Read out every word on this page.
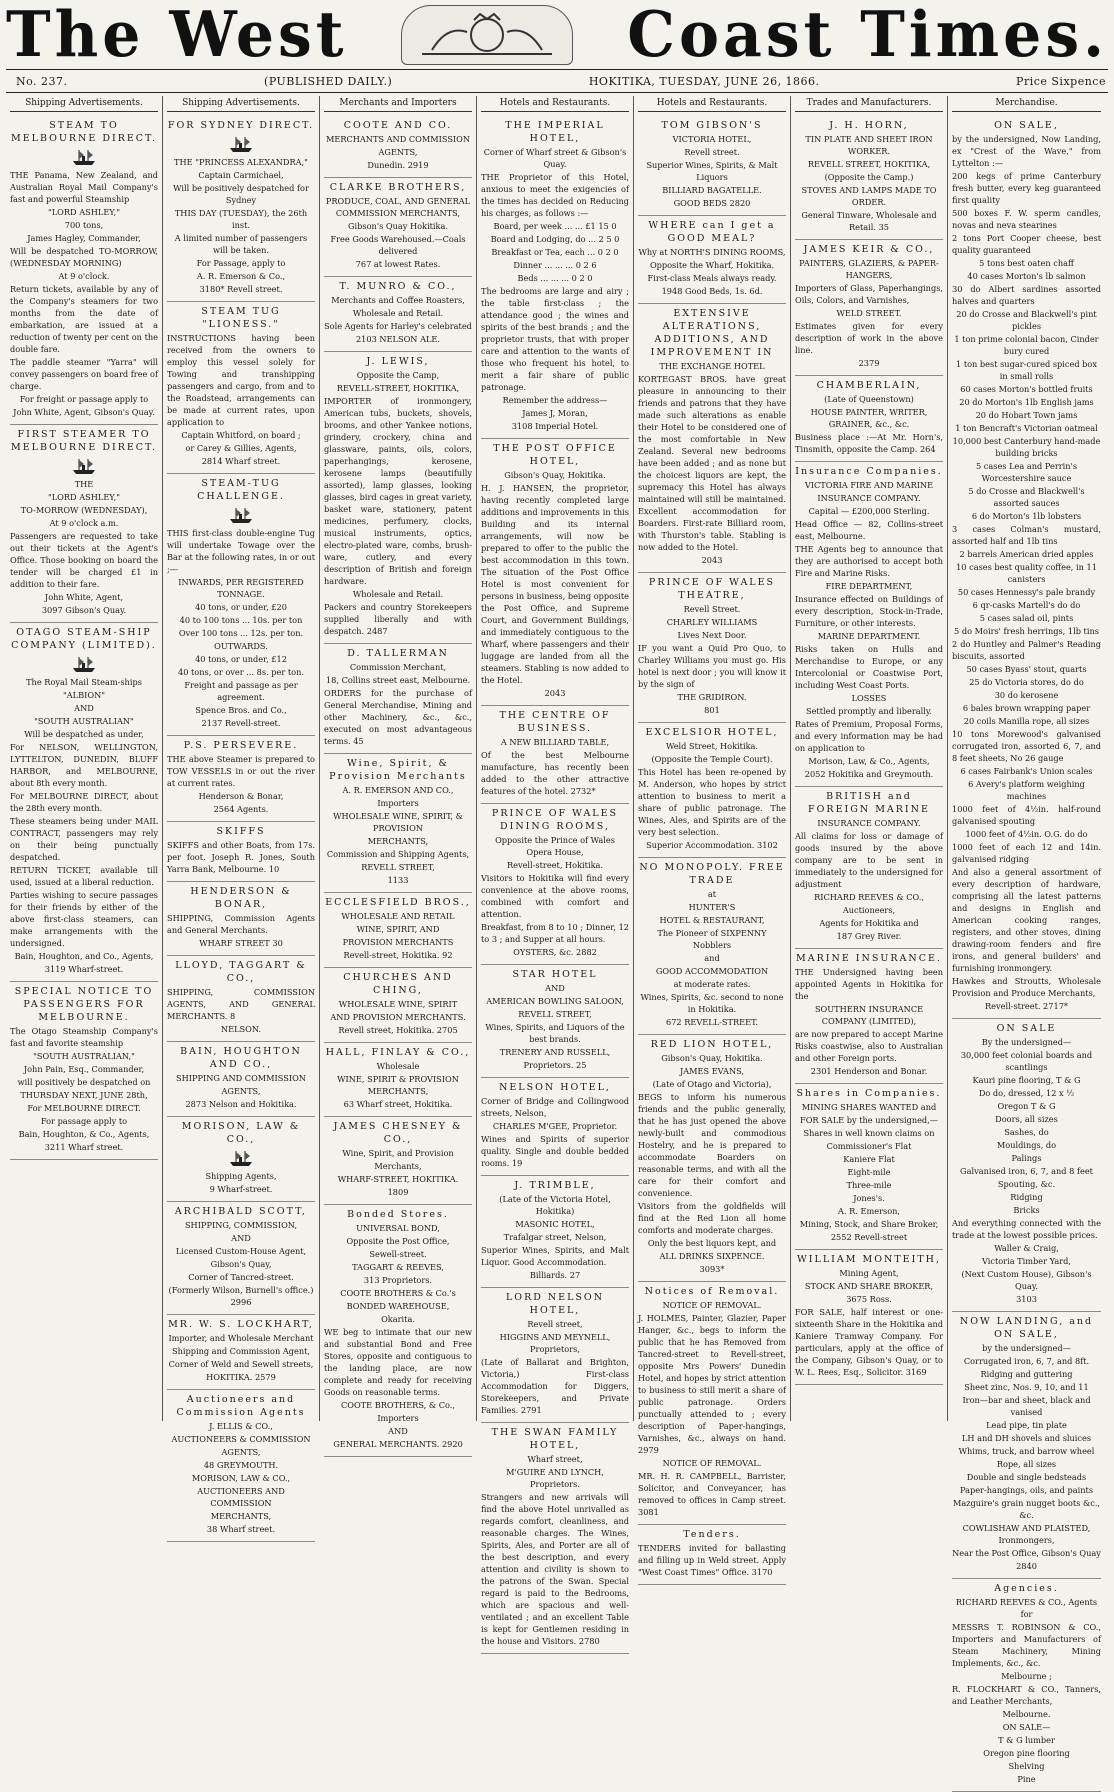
The West	Coast Times.
No. 237.	(PUBLISHED DAILY.)	HOKITIKA, TUESDAY, JUNE 26, 1866.	Price Sixpence
Shipping Advertisements.
STEAM TO MELBOURNE DIRECT.
THE Panama, New Zealand, and Australian Royal Mail Company's fast and powerful Steamship
"LORD ASHLEY,"
700 tons,
James Hagley, Commander,
Will be despatched TO-MORROW, (WEDNESDAY MORNING)
At 9 o'clock.
Return tickets, available by any of the Company's steamers for two months from the date of embarkation, are issued at a reduction of twenty per cent on the double fare.
The paddle steamer "Yarra" will convey passengers on board free of charge.
For freight or passage apply to
John White, Agent, Gibson's Quay.
FIRST STEAMER TO MELBOURNE DIRECT.
THE
"LORD ASHLEY,"
TO-MORROW (WEDNESDAY),
At 9 o'clock a.m.
Passengers are requested to take out their tickets at the Agent's Office. Those booking on board the tender will be charged £1 in addition to their fare.
John White, Agent,
3097 Gibson's Quay.
OTAGO STEAM-SHIP COMPANY (LIMITED).
The Royal Mail Steam-ships
"ALBION"
AND
"SOUTH AUSTRALIAN"
Will be despatched as under,
For NELSON, WELLINGTON, LYTTELTON, DUNEDIN, BLUFF HARBOR, and MELBOURNE, about 8th every month.
For MELBOURNE DIRECT, about the 28th every month.
These steamers being under MAIL CONTRACT, passengers may rely on their being punctually despatched.
RETURN TICKET, available till used, issued at a liberal reduction.
Parties wishing to secure passages for their friends by either of the above first-class steamers, can make arrangements with the undersigned.
Bain, Houghton, and Co., Agents,
3119 Wharf-street.
SPECIAL NOTICE TO PASSENGERS FOR MELBOURNE.
The Otago Steamship Company's fast and favorite steamship
"SOUTH AUSTRALIAN,"
John Pain, Esq., Commander,
will positively be despatched on
THURSDAY NEXT, JUNE 28th,
For MELBOURNE DIRECT.
For passage apply to
Bain, Houghton, & Co., Agents,
3211 Wharf street.
Shipping Advertisements.
FOR SYDNEY DIRECT.
THE "PRINCESS ALEXANDRA,"
Captain Carmichael,
Will be positively despatched for Sydney
THIS DAY (TUESDAY), the 26th inst.
A limited number of passengers will be taken.
For Passage, apply to
A. R. Emerson & Co.,
3180* Revell street.
STEAM TUG "LIONESS."
INSTRUCTIONS having been received from the owners to employ this vessel solely for Towing and transhipping passengers and cargo, from and to the Roadstead, arrangements can be made at current rates, upon application to
Captain Whitford, on board ;
or Carey & Gillies, Agents,
2814 Wharf street.
STEAM-TUG CHALLENGE.
THIS first-class double-engine Tug will undertake Towage over the Bar at the following rates, in or out ;—
INWARDS, PER REGISTERED TONNAGE.
40 tons, or under, £20
40 to 100 tons ... 10s. per ton
Over 100 tons ... 12s. per ton.
OUTWARDS.
40 tons, or under, £12
40 tons, or over ... 8s. per ton.
Freight and passage as per agreement.
Spence Bros. and Co.,
2137 Revell-street.
P.S. PERSEVERE.
THE above Steamer is prepared to TOW VESSELS in or out the river at current rates.
Henderson & Bonar,
2564 Agents.
SKIFFS
SKIFFS and other Boats, from 17s. per foot. Joseph R. Jones, South Yarra Bank, Melbourne. 10
HENDERSON & BONAR,
SHIPPING, Commission Agents and General Merchants.
WHARF STREET 30
LLOYD, TAGGART & CO.,
SHIPPING, COMMISSION AGENTS, AND GENERAL MERCHANTS. 8
NELSON.
BAIN, HOUGHTON AND CO.,
SHIPPING AND COMMISSION
AGENTS,
2873 Nelson and Hokitika.
MORISON, LAW & CO.,
Shipping Agents,
9 Wharf-street.
ARCHIBALD SCOTT,
SHIPPING, COMMISSION,
AND
Licensed Custom-House Agent,
Gibson's Quay,
Corner of Tancred-street.
(Formerly Wilson, Burnell's office.) 2996
MR. W. S. LOCKHART,
Importer, and Wholesale Merchant
Shipping and Commission Agent,
Corner of Weld and Sewell streets,
HOKITIKA. 2579
Auctioneers and Commission Agents
J. ELLIS & CO.,
AUCTIONEERS & COMMISSION
AGENTS,
48 GREYMOUTH.
MORISON, LAW & CO.,
AUCTIONEERS AND COMMISSION
MERCHANTS,
38 Wharf street.
Merchants and Importers
COOTE AND CO.
MERCHANTS AND COMMISSION
AGENTS,
Dunedin. 2919
CLARKE BROTHERS,
PRODUCE, COAL, AND GENERAL COMMISSION MERCHANTS,
Gibson's Quay Hokitika.
Free Goods Warehoused.—Coals delivered
767 at lowest Rates.
T. MUNRO & CO.,
Merchants and Coffee Roasters,
Wholesale and Retail.
Sole Agents for Harley's celebrated
2103 NELSON ALE.
J. LEWIS,
Opposite the Camp,
REVELL-STREET, HOKITIKA,
IMPORTER of ironmongery, American tubs, buckets, shovels, brooms, and other Yankee notions, grindery, crockery, china and glassware, paints, oils, colors, paperhangings, kerosene, kerosene lamps (beautifully assorted), lamp glasses, looking glasses, bird cages in great variety, basket ware, stationery, patent medicines, perfumery, clocks, musical instruments, optics, electro-plated ware, combs, brush-ware, cutlery, and every description of British and foreign hardware.
Wholesale and Retail.
Packers and country Storekeepers supplied liberally and with despatch. 2487
D. TALLERMAN
Commission Merchant,
18, Collins street east, Melbourne.
ORDERS for the purchase of General Merchandise, Mining and other Machinery, &c., &c., executed on most advantageous terms. 45
Wine, Spirit, & Provision Merchants
A. R. EMERSON AND CO.,
Importers
WHOLESALE WINE, SPIRIT, & PROVISION
MERCHANTS,
Commission and Shipping Agents,
REVELL STREET,
1133
ECCLESFIELD BROS.,
WHOLESALE AND RETAIL
WINE, SPIRIT, AND
PROVISION MERCHANTS
Revell-street, Hokitika. 92
CHURCHES AND CHING,
WHOLESALE WINE, SPIRIT
AND PROVISION MERCHANTS.
Revell street, Hokitika. 2705
HALL, FINLAY & CO.,
Wholesale
WINE, SPIRIT & PROVISION MERCHANTS,
63 Wharf street, Hokitika.
JAMES CHESNEY & CO.,
Wine, Spirit, and Provision
Merchants,
WHARF-STREET, HOKITIKA.
1809
Bonded Stores.
UNIVERSAL BOND,
Opposite the Post Office,
Sewell-street.
TAGGART & REEVES,
313 Proprietors.
COOTE BROTHERS & Co.'s
BONDED WAREHOUSE,
Okarita.
WE beg to intimate that our new and substantial Bond and Free Stores, opposite and contiguous to the landing place, are now complete and ready for receiving Goods on reasonable terms.
COOTE BROTHERS, & Co.,
Importers
AND
GENERAL MERCHANTS. 2920
Hotels and Restaurants.
THE IMPERIAL HOTEL,
Corner of Wharf street & Gibson's Quay.
THE Proprietor of this Hotel, anxious to meet the exigencies of the times has decided on Reducing his charges, as follows :—
Board, per week ... ... £1 15 0
Board and Lodging, do ... 2 5 0
Breakfast or Tea, each ... 0 2 0
Dinner ... ... ... 0 2 6
Beds ... ... ... 0 2 0
The bedrooms are large and airy ; the table first-class ; the attendance good ; the wines and spirits of the best brands ; and the proprietor trusts, that with proper care and attention to the wants of those who frequent his hotel, to merit a fair share of public patronage.
Remember the address—
James J, Moran,
3108 Imperial Hotel.
THE POST OFFICE HOTEL,
Gibson's Quay, Hokitika.
H. J. HANSEN, the proprietor, having recently completed large additions and improvements in this Building and its internal arrangements, will now be prepared to offer to the public the best accommodation in this town. The situation of the Post Office Hotel is most convenient for persons in business, being opposite the Post Office, and Supreme Court, and Government Buildings, and immediately contiguous to the Wharf, where passengers and their luggage are landed from all the steamers. Stabling is now added to the Hotel.
2043
THE CENTRE OF BUSINESS.
A NEW BILLIARD TABLE,
Of the best Melbourne manufacture, has recently been added to the other attractive features of the hotel. 2732*
PRINCE OF WALES DINING ROOMS,
Opposite the Prince of Wales Opera House,
Revell-street, Hokitika.
Visitors to Hokitika will find every convenience at the above rooms, combined with comfort and attention.
Breakfast, from 8 to 10 ; Dinner, 12 to 3 ; and Supper at all hours.
OYSTERS, &c. 2882
STAR HOTEL
AND
AMERICAN BOWLING SALOON,
REVELL STREET,
Wines, Spirits, and Liquors of the best brands.
TRENERY AND RUSSELL,
Proprietors. 25
NELSON HOTEL,
Corner of Bridge and Collingwood streets, Nelson,
CHARLES M'GEE, Proprietor.
Wines and Spirits of superior quality. Single and double bedded rooms. 19
J. TRIMBLE,
(Late of the Victoria Hotel, Hokitika)
MASONIC HOTEL,
Trafalgar street, Nelson,
Superior Wines, Spirits, and Malt Liquor. Good Accommodation.
Billiards. 27
LORD NELSON HOTEL,
Revell street,
HIGGINS AND MEYNELL, Proprietors,
(Late of Ballarat and Brighton, Victoria,) First-class Accommodation for Diggers, Storekeepers, and Private Families. 2791
THE SWAN FAMILY HOTEL,
Wharf street,
M'GUIRE AND LYNCH, Proprietors.
Strangers and new arrivals will find the above Hotel unrivalled as regards comfort, cleanliness, and reasonable charges. The Wines, Spirits, Ales, and Porter are all of the best description, and every attention and civility is shown to the patrons of the Swan. Special regard is paid to the Bedrooms, which are spacious and well-ventilated ; and an excellent Table is kept for Gentlemen residing in the house and Visitors. 2780
Hotels and Restaurants.
TOM GIBSON'S
VICTORIA HOTEL,
Revell street.
Superior Wines, Spirits, & Malt Liquors
BILLIARD BAGATELLE.
GOOD BEDS 2820
WHERE can I get a GOOD MEAL?
Why at NORTH'S DINING ROOMS,
Opposite the Wharf, Hokitika.
First-class Meals always ready.
1948 Good Beds, 1s. 6d.
EXTENSIVE ALTERATIONS, ADDITIONS, AND IMPROVEMENT IN
THE EXCHANGE HOTEL
KORTEGAST BROS. have great pleasure in announcing to their friends and patrons that they have made such alterations as enable their Hotel to be considered one of the most comfortable in New Zealand. Several new bedrooms have been added ; and as none but the choicest liquors are kept, the supremacy this Hotel has always maintained will still be maintained. Excellent accommodation for Boarders. First-rate Billiard room, with Thurston's table. Stabling is now added to the Hotel.
2043
PRINCE OF WALES THEATRE,
Revell Street.
CHARLEY WILLIAMS
Lives Next Door.
IF you want a Quid Pro Quo, to Charley Williams you must go. His hotel is next door ; you will know it by the sign of
THE GRIDIRON.
801
EXCELSIOR HOTEL,
Weld Street, Hokitika.
(Opposite the Temple Court).
This Hotel has been re-opened by M. Anderson, who hopes by strict attention to business to merit a share of public patronage. The Wines, Ales, and Spirits are of the very best selection.
Superior Accommodation. 3102
NO MONOPOLY. FREE TRADE
at
HUNTER'S
HOTEL & RESTAURANT,
The Pioneer of SIXPENNY Nobblers
and
GOOD ACCOMMODATION
at moderate rates.
Wines, Spirits, &c. second to none in Hokitika.
672 REVELL-STREET.
RED LION HOTEL,
Gibson's Quay, Hokitika.
JAMES EVANS,
(Late of Otago and Victoria),
BEGS to inform his numerous friends and the public generally, that he has just opened the above newly-built and commodious Hostelry, and he is prepared to accommodate Boarders on reasonable terms, and with all the care for their comfort and convenience.
Visitors from the goldfields will find at the Red Lion all home comforts and moderate charges.
Only the best liquors kept, and
ALL DRINKS SIXPENCE.
3093*
Notices of Removal.
NOTICE OF REMOVAL.
J. HOLMES, Painter, Glazier, Paper Hanger, &c., begs to inform the public that he has Removed from Tancred-street to Revell-street, opposite Mrs Powers' Dunedin Hotel, and hopes by strict attention to business to still merit a share of public patronage. Orders punctually attended to ; every description of Paper-hangings, Varnishes, &c., always on hand. 2979
NOTICE OF REMOVAL.
MR. H. R. CAMPBELL, Barrister, Solicitor, and Conveyancer, has removed to offices in Camp street. 3081
Tenders.
TENDERS invited for ballasting and filling up in Weld street. Apply "West Coast Times" Office. 3170
Trades and Manufacturers.
J. H. HORN,
TIN PLATE AND SHEET IRON WORKER.
REVELL STREET, HOKITIKA,
(Opposite the Camp.)
STOVES AND LAMPS MADE TO ORDER.
General Tinware, Wholesale and Retail. 35
JAMES KEIR & CO.,
PAINTERS, GLAZIERS, & PAPER-HANGERS,
Importers of Glass, Paperhangings, Oils, Colors, and Varnishes,
WELD STREET.
Estimates given for every description of work in the above line.
2379
CHAMBERLAIN,
(Late of Queenstown)
HOUSE PAINTER, WRITER, GRAINER, &c., &c.
Business place :—At Mr. Horn's, Tinsmith, opposite the Camp. 264
Insurance Companies.
VICTORIA FIRE AND MARINE
INSURANCE COMPANY.
Capital — £200,000 Sterling.
Head Office — 82, Collins-street east, Melbourne.
THE Agents beg to announce that they are authorised to accept both Fire and Marine Risks.
FIRE DEPARTMENT,
Insurance effected on Buildings of every description, Stock-in-Trade, Furniture, or other interests.
MARINE DEPARTMENT.
Risks taken on Hulls and Merchandise to Europe, or any Intercolonial or Coastwise Port, including West Coast Ports.
LOSSES
Settled promptly and liberally.
Rates of Premium, Proposal Forms, and every information may be had on application to
Morison, Law, & Co., Agents,
2052 Hokitika and Greymouth.
BRITISH and FOREIGN MARINE
INSURANCE COMPANY.
All claims for loss or damage of goods insured by the above company are to be sent in immediately to the undersigned for adjustment
RICHARD REEVES & CO.,
Auctioneers,
Agents for Hokitika and
187 Grey River.
MARINE INSURANCE.
THE Undersigned having been appointed Agents in Hokitika for the
SOUTHERN INSURANCE COMPANY (LIMITED),
are now prepared to accept Marine Risks coastwise, also to Australian and other Foreign ports.
2301 Henderson and Bonar.
Shares in Companies.
MINING SHARES WANTED and
FOR SALE by the undersigned,—
Shares in well known claims on
Commissioner's Flat
Kaniere Flat
Eight-mile
Three-mile
Jones's.
A. R. Emerson,
Mining, Stock, and Share Broker,
2552 Revell-street
WILLIAM MONTEITH,
Mining Agent,
STOCK AND SHARE BROKER,
3675 Ross.
FOR SALE, half interest or one-sixteenth Share in the Hokitika and Kaniere Tramway Company. For particulars, apply at the office of the Company, Gibson's Quay, or to W. L. Rees, Esq., Solicitor. 3169
Merchandise.
ON SALE,
by the undersigned, Now Landing, ex "Crest of the Wave," from Lyttelton :—
200 kegs of prime Canterbury fresh butter, every keg guaranteed first quality
500 boxes F. W. sperm candles, novas and neva stearines
2 tons Port Cooper cheese, best quality guaranteed
5 tons best oaten chaff
40 cases Morton's lb salmon
30 do Albert sardines assorted halves and quarters
20 do Crosse and Blackwell's pint pickles
1 ton prime colonial bacon, Cinder bury cured
1 ton best sugar-cured spiced box in small rolls
60 cases Morton's bottled fruits
20 do Morton's 1lb English jams
20 do Hobart Town jams
1 ton Bencraft's Victorian oatmeal
10,000 best Canterbury hand-made building bricks
5 cases Lea and Perrin's Worcestershire sauce
5 do Crosse and Blackwell's assorted sauces
6 do Morton's 1lb lobsters
3 cases Colman's mustard, assorted half and 1lb tins
2 barrels American dried apples
10 cases best quality coffee, in 11 canisters
50 cases Hennessy's pale brandy
6 qr-casks Martell's do do
5 cases salad oil, pints
5 do Moirs' fresh herrings, 1lb tins
2 do Huntley and Palmer's Reading biscuits, assorted
50 cases Byass' stout, quarts
25 do Victoria stores, do do
30 do kerosene
6 bales brown wrapping paper
20 coils Manilla rope, all sizes
10 tons Morewood's galvanised corrugated iron, assorted 6, 7, and 8 feet sheets, No 26 gauge
6 cases Fairbank's Union scales
6 Avery's platform weighing machines
1000 feet of 4½in. half-round galvanised spouting
1000 feet of 4½in. O.G. do do
1000 feet of each 12 and 14in. galvanised ridging
And also a general assortment of every description of hardware, comprising all the latest patterns and designs in English and American cooking ranges, registers, and other stoves, dining drawing-room fenders and fire irons, and general builders' and furnishing ironmongery.
Hawkes and Stroutts, Wholesale Provision and Produce Merchants,
Revell-street. 2717*
ON SALE
By the undersigned—
30,000 feet colonial boards and scantlings
Kauri pine flooring, T & G
Do do, dressed, 12 x ½
Oregon T & G
Doors, all sizes
Sashes, do
Mouldings, do
Palings
Galvanised iron, 6, 7, and 8 feet
Spouting, &c.
Ridging
Bricks
And everything connected with the trade at the lowest possible prices.
Waller & Craig,
Victoria Timber Yard,
(Next Custom House), Gibson's Quay.
3103
NOW LANDING, and ON SALE,
by the undersigned—
Corrugated iron, 6, 7, and 8ft.
Ridging and guttering
Sheet zinc, Nos. 9, 10, and 11
Iron—bar and sheet, black and vanised
Lead pipe, tin plate
LH and DH shovels and sluices
Whims, truck, and barrow wheel
Rope, all sizes
Double and single bedsteads
Paper-hangings, oils, and paints
Mazguire's grain nugget boots &c., &c.
COWLISHAW AND PLAISTED, Ironmongers,
Near the Post Office, Gibson's Quay
2840
Agencies.
RICHARD REEVES & CO., Agents for
MESSRS T. ROBINSON & CO., Importers and Manufacturers of Steam Machinery, Mining Implements, &c., &c.
Melbourne ;
R. FLOCKHART & CO., Tanners, and Leather Merchants,
Melbourne.
ON SALE—
T & G lumber
Oregon pine flooring
Shelving
Pine
